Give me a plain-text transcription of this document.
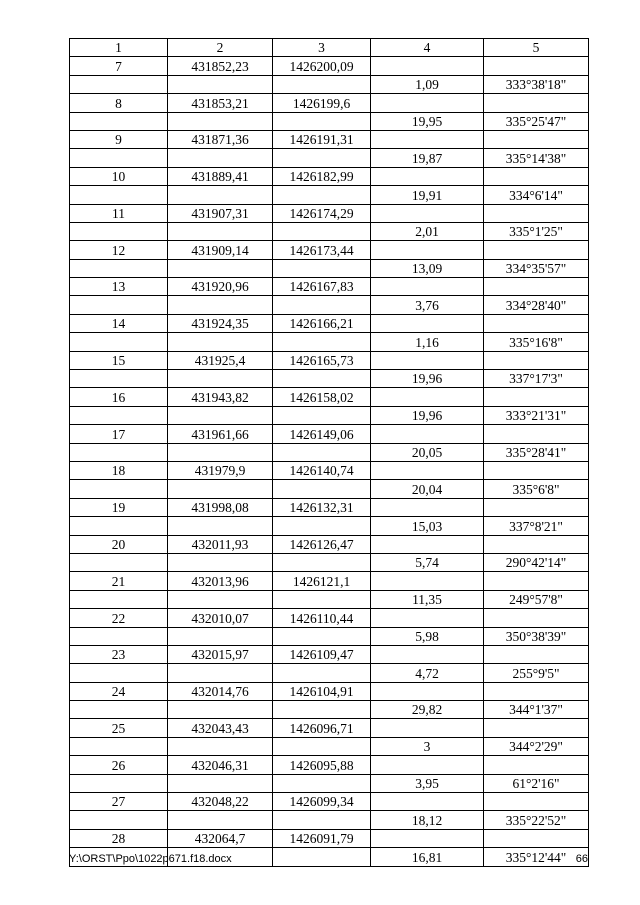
1	2	3	4	5
7	431852,23	1426200,09		
			1,09	333°38'18"
8	431853,21	1426199,6		
			19,95	335°25'47"
9	431871,36	1426191,31		
			19,87	335°14'38"
10	431889,41	1426182,99		
			19,91	334°6'14"
11	431907,31	1426174,29		
			2,01	335°1'25"
12	431909,14	1426173,44		
			13,09	334°35'57"
13	431920,96	1426167,83		
			3,76	334°28'40"
14	431924,35	1426166,21		
			1,16	335°16'8"
15	431925,4	1426165,73		
			19,96	337°17'3"
16	431943,82	1426158,02		
			19,96	333°21'31"
17	431961,66	1426149,06		
			20,05	335°28'41"
18	431979,9	1426140,74		
			20,04	335°6'8"
19	431998,08	1426132,31		
			15,03	337°8'21"
20	432011,93	1426126,47		
			5,74	290°42'14"
21	432013,96	1426121,1		
			11,35	249°57'8"
22	432010,07	1426110,44		
			5,98	350°38'39"
23	432015,97	1426109,47		
			4,72	255°9'5"
24	432014,76	1426104,91		
			29,82	344°1'37"
25	432043,43	1426096,71		
			3	344°2'29"
26	432046,31	1426095,88		
			3,95	61°2'16"
27	432048,22	1426099,34		
			18,12	335°22'52"
28	432064,7	1426091,79		
			16,81	335°12'44"
Y:\ORST\Ppo\1022p671.f18.docx	66
